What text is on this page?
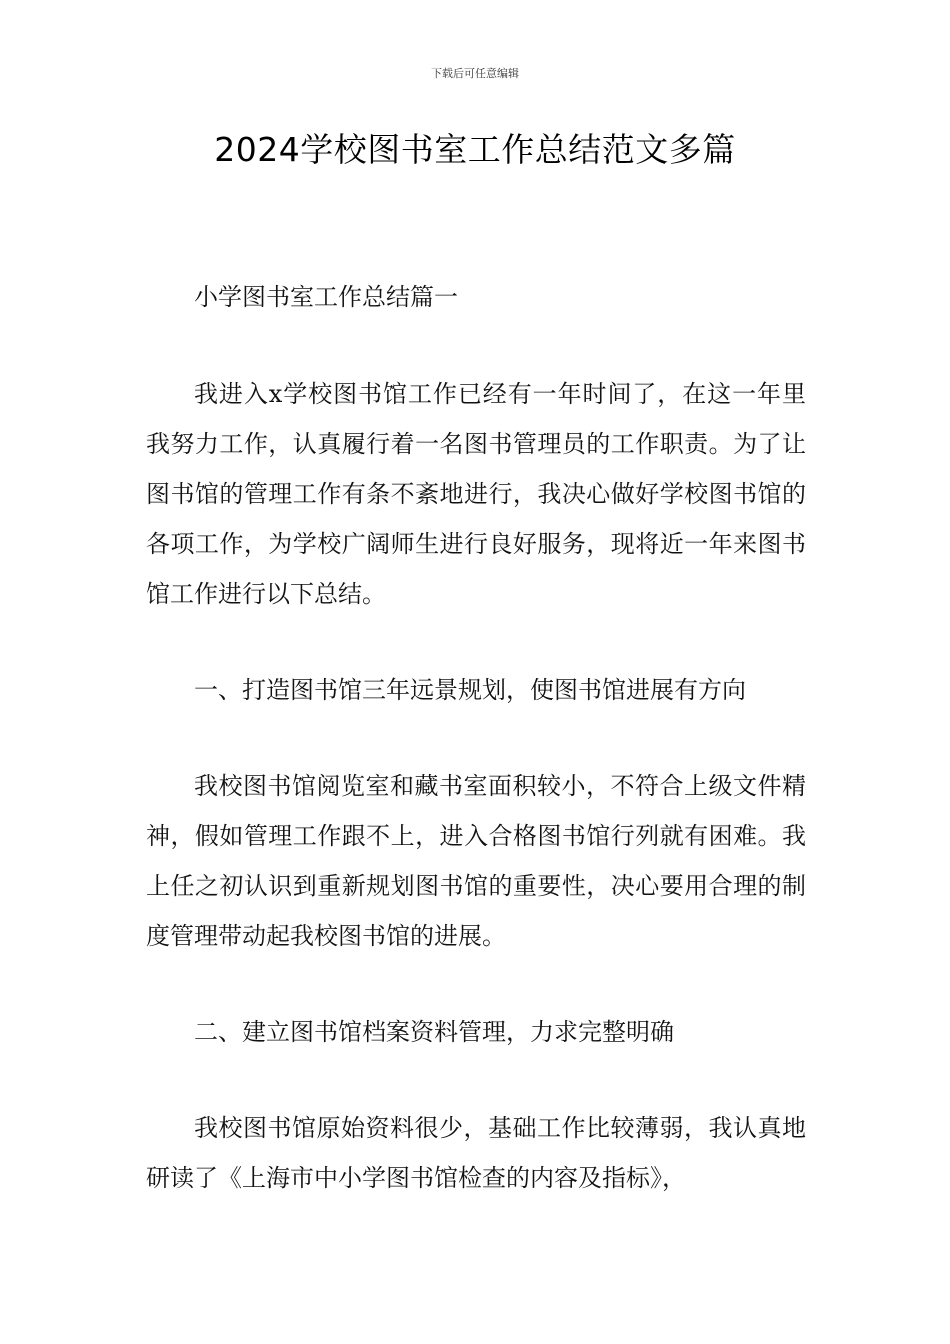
下载后可任意编辑
2024学校图书室工作总结范文多篇

小学图书室工作总结篇一

我进入x学校图书馆工作已经有一年时间了，在这一年里我努力工作，认真履行着一名图书管理员的工作职责。为了让图书馆的管理工作有条不紊地进行，我决心做好学校图书馆的各项工作，为学校广阔师生进行良好服务，现将近一年来图书馆工作进行以下总结。

一、打造图书馆三年远景规划，使图书馆进展有方向

我校图书馆阅览室和藏书室面积较小，不符合上级文件精神，假如管理工作跟不上，进入合格图书馆行列就有困难。我上任之初认识到重新规划图书馆的重要性，决心要用合理的制度管理带动起我校图书馆的进展。

二、建立图书馆档案资料管理，力求完整明确

我校图书馆原始资料很少，基础工作比较薄弱，我认真地研读了《上海市中小学图书馆检查的内容及指标》，
